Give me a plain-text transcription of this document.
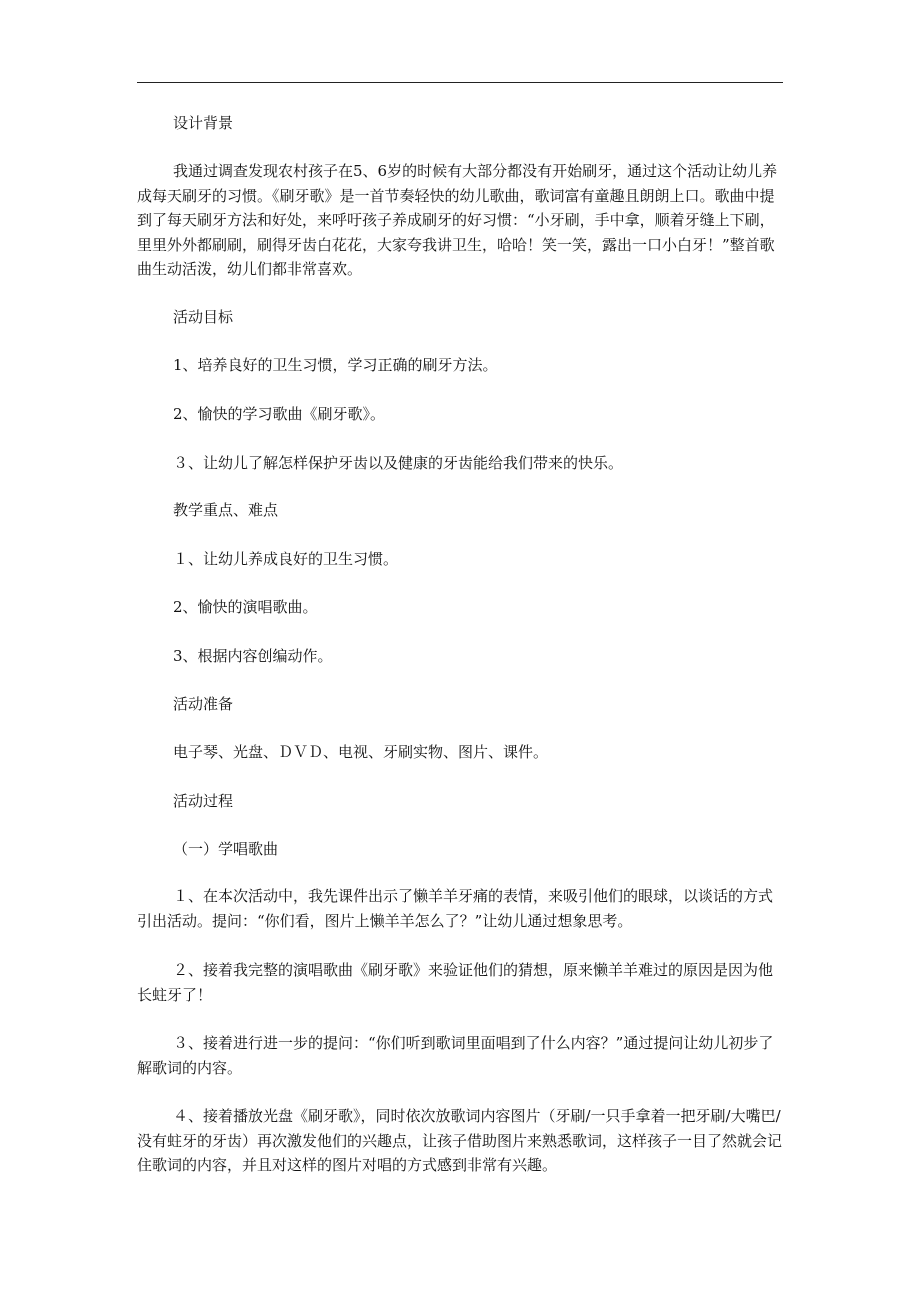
设计背景

我通过调查发现农村孩子在5、6岁的时候有大部分都没有开始刷牙，通过这个活动让幼儿养成每天刷牙的习惯。《刷牙歌》是一首节奏轻快的幼儿歌曲，歌词富有童趣且朗朗上口。歌曲中提到了每天刷牙方法和好处，来呼吁孩子养成刷牙的好习惯：“小牙刷，手中拿，顺着牙缝上下刷，里里外外都刷刷，刷得牙齿白花花，大家夸我讲卫生，哈哈！笑一笑，露出一口小白牙！”整首歌曲生动活泼，幼儿们都非常喜欢。

活动目标

1、培养良好的卫生习惯，学习正确的刷牙方法。

2、愉快的学习歌曲《刷牙歌》。

３、让幼儿了解怎样保护牙齿以及健康的牙齿能给我们带来的快乐。

教学重点、难点

１、让幼儿养成良好的卫生习惯。

2、愉快的演唱歌曲。

3、根据内容创编动作。

活动准备

电子琴、光盘、ＤＶＤ、电视、牙刷实物、图片、课件。

活动过程

（一）学唱歌曲

１、在本次活动中，我先课件出示了懒羊羊牙痛的表情，来吸引他们的眼球，以谈话的方式引出活动。提问：“你们看，图片上懒羊羊怎么了？”让幼儿通过想象思考。

２、接着我完整的演唱歌曲《刷牙歌》来验证他们的猜想，原来懒羊羊难过的原因是因为他长蛀牙了！

３、接着进行进一步的提问：“你们听到歌词里面唱到了什么内容？”通过提问让幼儿初步了解歌词的内容。

４、接着播放光盘《刷牙歌》，同时依次放歌词内容图片（牙刷/一只手拿着一把牙刷/大嘴巴/没有蛀牙的牙齿）再次激发他们的兴趣点，让孩子借助图片来熟悉歌词，这样孩子一目了然就会记住歌词的内容，并且对这样的图片对唱的方式感到非常有兴趣。
